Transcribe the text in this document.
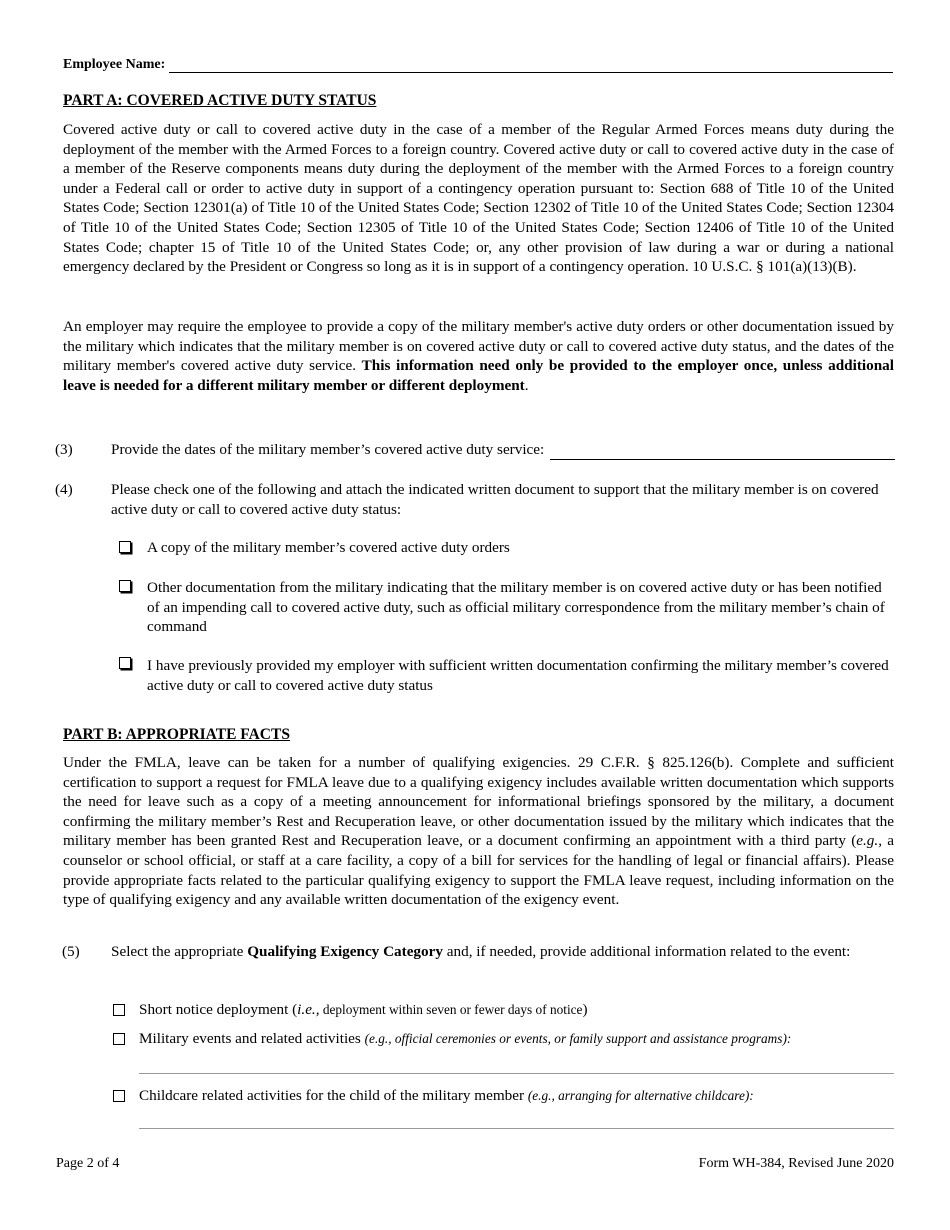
Employee Name:
PART A: COVERED ACTIVE DUTY STATUS
Covered active duty or call to covered active duty in the case of a member of the Regular Armed Forces means duty during the deployment of the member with the Armed Forces to a foreign country. Covered active duty or call to covered active duty in the case of a member of the Reserve components means duty during the deployment of the member with the Armed Forces to a foreign country under a Federal call or order to active duty in support of a contingency operation pursuant to: Section 688 of Title 10 of the United States Code; Section 12301(a) of Title 10 of the United States Code; Section 12302 of Title 10 of the United States Code; Section 12304 of Title 10 of the United States Code; Section 12305 of Title 10 of the United States Code; Section 12406 of Title 10 of the United States Code; chapter 15 of Title 10 of the United States Code; or, any other provision of law during a war or during a national emergency declared by the President or Congress so long as it is in support of a contingency operation. 10 U.S.C. § 101(a)(13)(B).
An employer may require the employee to provide a copy of the military member's active duty orders or other documentation issued by the military which indicates that the military member is on covered active duty or call to covered active duty status, and the dates of the military member's covered active duty service. This information need only be provided to the employer once, unless additional leave is needed for a different military member or different deployment.
(3)	Provide the dates of the military member’s covered active duty service:
(4)	Please check one of the following and attach the indicated written document to support that the military member is on covered active duty or call to covered active duty status:
A copy of the military member’s covered active duty orders
Other documentation from the military indicating that the military member is on covered active duty or has been notified of an impending call to covered active duty, such as official military correspondence from the military member’s chain of command
I have previously provided my employer with sufficient written documentation confirming the military member’s covered active duty or call to covered active duty status
PART B: APPROPRIATE FACTS
Under the FMLA, leave can be taken for a number of qualifying exigencies. 29 C.F.R. § 825.126(b). Complete and sufficient certification to support a request for FMLA leave due to a qualifying exigency includes available written documentation which supports the need for leave such as a copy of a meeting announcement for informational briefings sponsored by the military, a document confirming the military member’s Rest and Recuperation leave, or other documentation issued by the military which indicates that the military member has been granted Rest and Recuperation leave, or a document confirming an appointment with a third party (e.g., a counselor or school official, or staff at a care facility, a copy of a bill for services for the handling of legal or financial affairs). Please provide appropriate facts related to the particular qualifying exigency to support the FMLA leave request, including information on the type of qualifying exigency and any available written documentation of the exigency event.
(5) Select the appropriate Qualifying Exigency Category and, if needed, provide additional information related to the event:
Short notice deployment (i.e., deployment within seven or fewer days of notice)
Military events and related activities (e.g., official ceremonies or events, or family support and assistance programs):
Childcare related activities for the child of the military member (e.g., arranging for alternative childcare):
Page 2 of 4	Form WH-384, Revised June 2020
